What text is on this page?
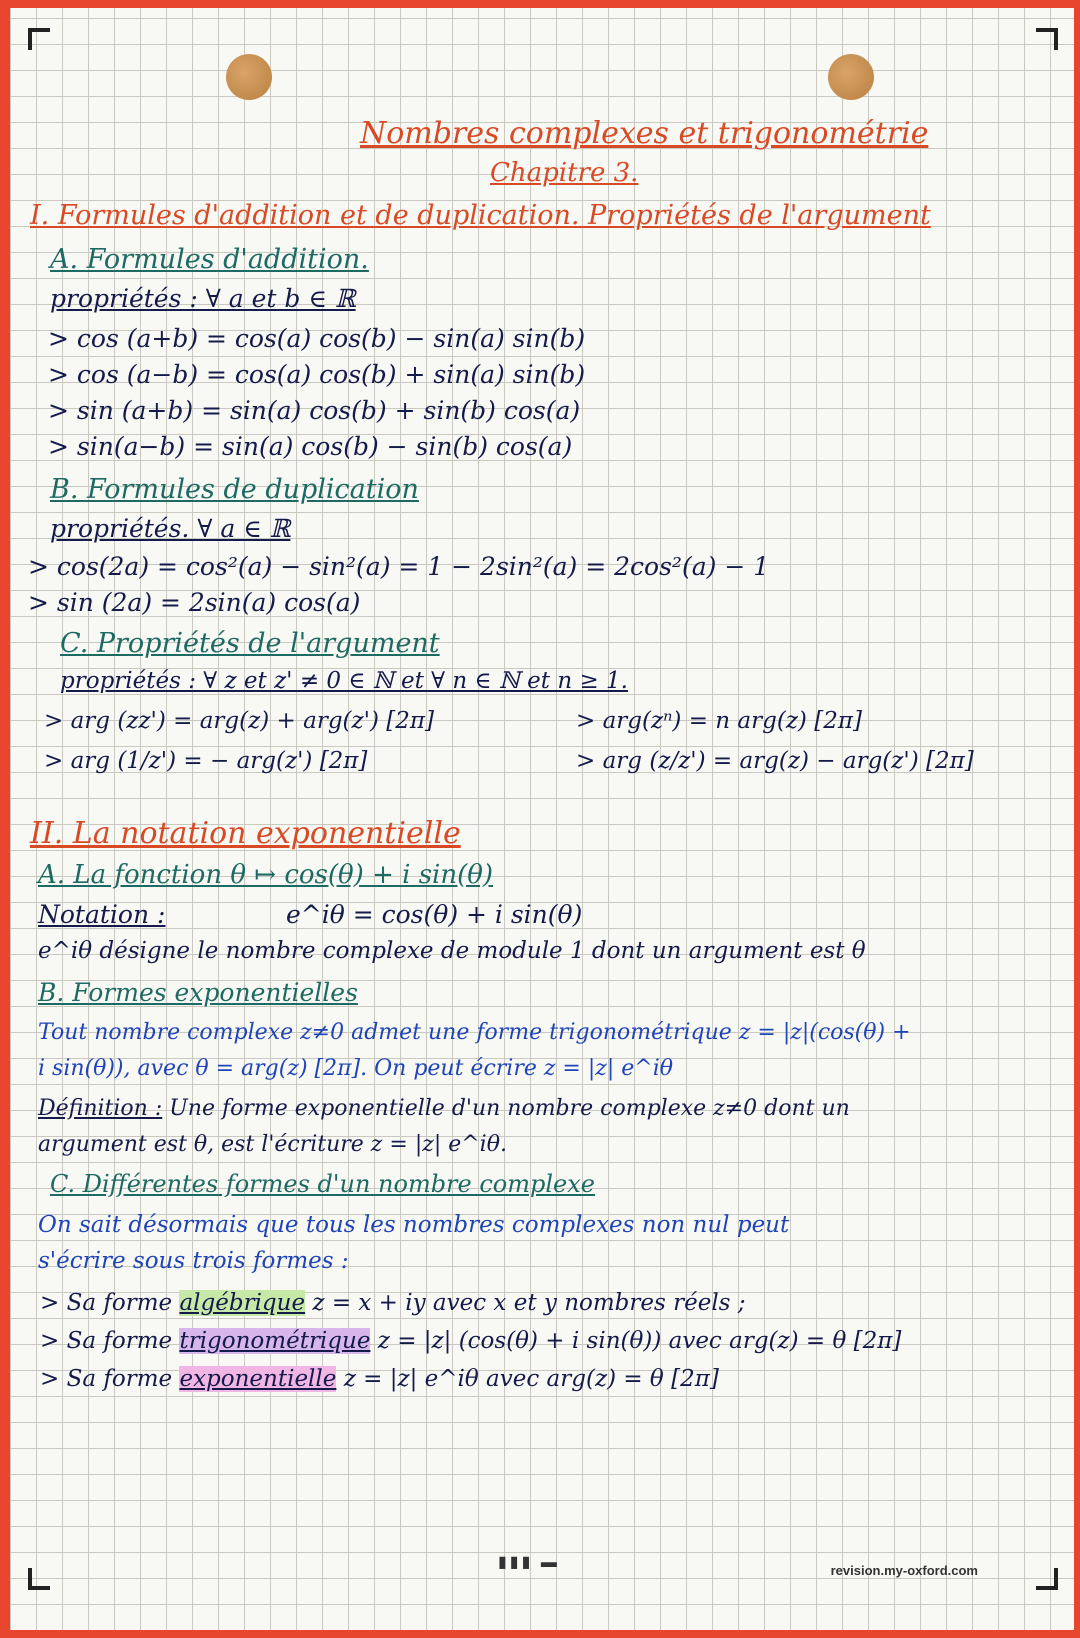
Nombres complexes et trigonométrie
Chapitre 3.
I. Formules d'addition et de duplication. Propriétés de l'argument
A. Formules d'addition.
propriétés : ∀ a et b ∈ ℝ
> cos (a+b) = cos(a) cos(b) − sin(a) sin(b)
> cos (a−b) = cos(a) cos(b) + sin(a) sin(b)
> sin (a+b) = sin(a) cos(b) + sin(b) cos(a)
> sin(a−b) = sin(a) cos(b) − sin(b) cos(a)
B. Formules de duplication
propriétés. ∀ a ∈ ℝ
> cos(2a) = cos²(a) − sin²(a) = 1 − 2sin²(a) = 2cos²(a) − 1
> sin (2a) = 2sin(a) cos(a)
C. Propriétés de l'argument
propriétés : ∀ z et z' ≠ 0 ∈ ℕ et ∀ n ∈ ℕ et n ≥ 1.
> arg (zz') = arg(z) + arg(z') [2π]	> arg(zⁿ) = n arg(z) [2π]
> arg (1/z') = − arg(z') [2π]	> arg (z/z') = arg(z) − arg(z') [2π]
II. La notation exponentielle
A. La fonction θ ↦ cos(θ) + i sin(θ)
Notation :	e^iθ = cos(θ) + i sin(θ)
e^iθ désigne le nombre complexe de module 1 dont un argument est θ
B. Formes exponentielles
Tout nombre complexe z≠0 admet une forme trigonométrique z = |z|(cos(θ) +
i sin(θ)), avec θ = arg(z) [2π]. On peut écrire z = |z| e^iθ
Définition : Une forme exponentielle d'un nombre complexe z≠0 dont un
argument est θ, est l'écriture z = |z| e^iθ.
C. Différentes formes d'un nombre complexe
On sait désormais que tous les nombres complexes non nul peut
s'écrire sous trois formes :
> Sa forme algébrique z = x + iy avec x et y nombres réels ;
> Sa forme trigonométrique z = |z| (cos(θ) + i sin(θ)) avec arg(z) = θ [2π]
> Sa forme exponentielle z = |z| e^iθ avec arg(z) = θ [2π]
▮▮▮ ▬	revision.my-oxford.com
